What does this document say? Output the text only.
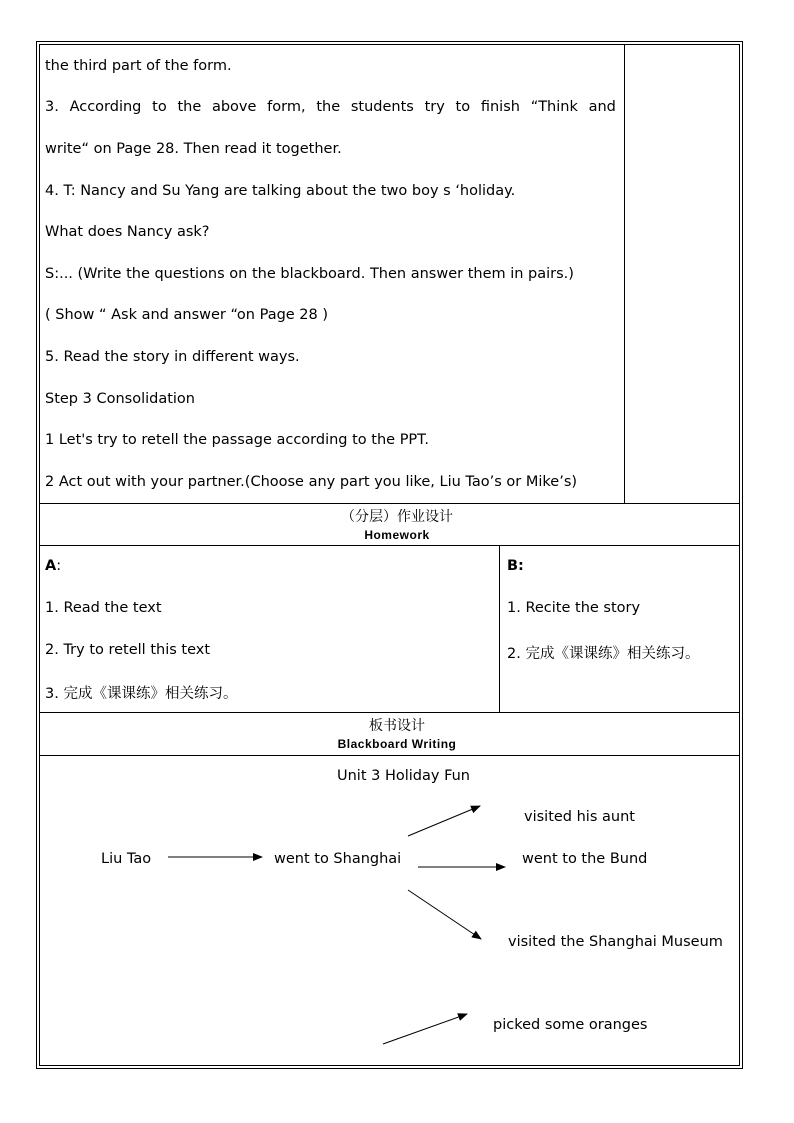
the third part of the form.
3. According to the above form, the students try to finish “Think and
write“ on Page 28. Then read it together.
4. T: Nancy and Su Yang are talking about the two boy s ‘holiday.
What does Nancy ask?
S:... (Write the questions on the blackboard. Then answer them in pairs.)
( Show “ Ask and answer “on Page 28 )
5. Read the story in different ways.
Step 3 Consolidation
1 Let's try to retell the passage according to the PPT.
2 Act out with your partner.(Choose any part you like, Liu Tao’s or Mike’s)
（分层）作业设计
Homework
A:
1. Read the text
2. Try to retell this text
3. 完成《课课练》相关练习。
B:
1. Recite the story
2. 完成《课课练》相关练习。
板书设计
Blackboard Writing
Unit 3 Holiday Fun
Liu Tao	went to Shanghai
visited his aunt
went to the Bund
visited the Shanghai Museum
picked some oranges
